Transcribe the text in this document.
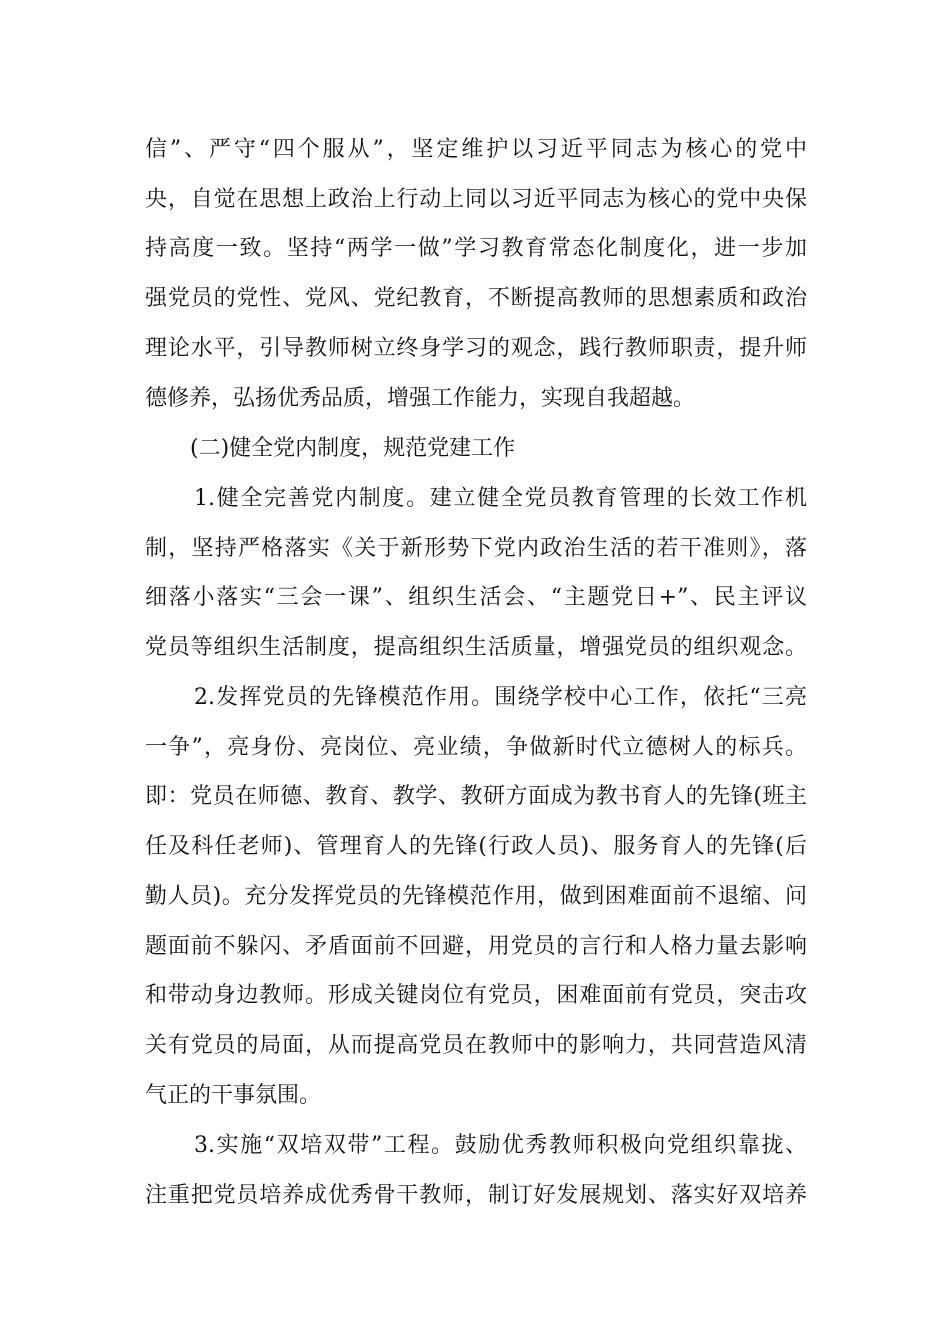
信”、严守“四个服从”，坚定维护以习近平同志为核心的党中
央，自觉在思想上政治上行动上同以习近平同志为核心的党中央保
持高度一致。坚持“两学一做”学习教育常态化制度化，进一步加
强党员的党性、党风、党纪教育，不断提高教师的思想素质和政治
理论水平，引导教师树立终身学习的观念，践行教师职责，提升师
德修养，弘扬优秀品质，增强工作能力，实现自我超越。
(二)健全党内制度，规范党建工作
1.健全完善党内制度。建立健全党员教育管理的长效工作机
制，坚持严格落实《关于新形势下党内政治生活的若干准则》，落
细落小落实“三会一课”、组织生活会、“主题党日+”、民主评议
党员等组织生活制度，提高组织生活质量，增强党员的组织观念。
2.发挥党员的先锋模范作用。围绕学校中心工作，依托“三亮
一争”，亮身份、亮岗位、亮业绩，争做新时代立德树人的标兵。
即：党员在师德、教育、教学、教研方面成为教书育人的先锋(班主
任及科任老师)、管理育人的先锋(行政人员)、服务育人的先锋(后
勤人员)。充分发挥党员的先锋模范作用，做到困难面前不退缩、问
题面前不躲闪、矛盾面前不回避，用党员的言行和人格力量去影响
和带动身边教师。形成关键岗位有党员，困难面前有党员，突击攻
关有党员的局面，从而提高党员在教师中的影响力，共同营造风清
气正的干事氛围。
3.实施“双培双带”工程。鼓励优秀教师积极向党组织靠拢、
注重把党员培养成优秀骨干教师，制订好发展规划、落实好双培养
